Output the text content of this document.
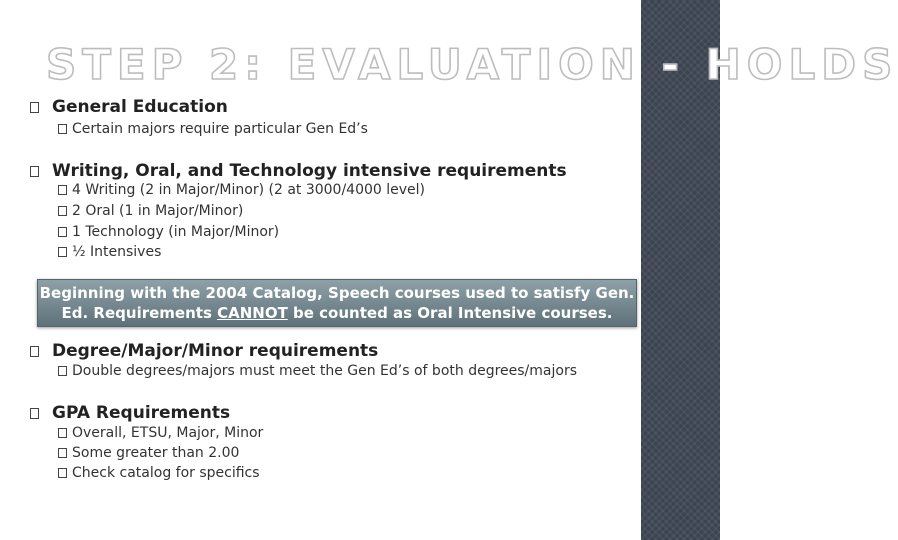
STEP 2: EVALUATION - HOLDS
General Education
Certain majors require particular Gen Ed’s
Writing, Oral, and Technology intensive requirements
4 Writing (2 in Major/Minor) (2 at 3000/4000 level)
2 Oral (1 in Major/Minor)
1 Technology (in Major/Minor)
½ Intensives
Beginning with the 2004 Catalog, Speech courses used to satisfy Gen.
Ed. Requirements CANNOT be counted as Oral Intensive courses.
Degree/Major/Minor requirements
Double degrees/majors must meet the Gen Ed’s of both degrees/majors
GPA Requirements
Overall, ETSU, Major, Minor
Some greater than 2.00
Check catalog for specifics
